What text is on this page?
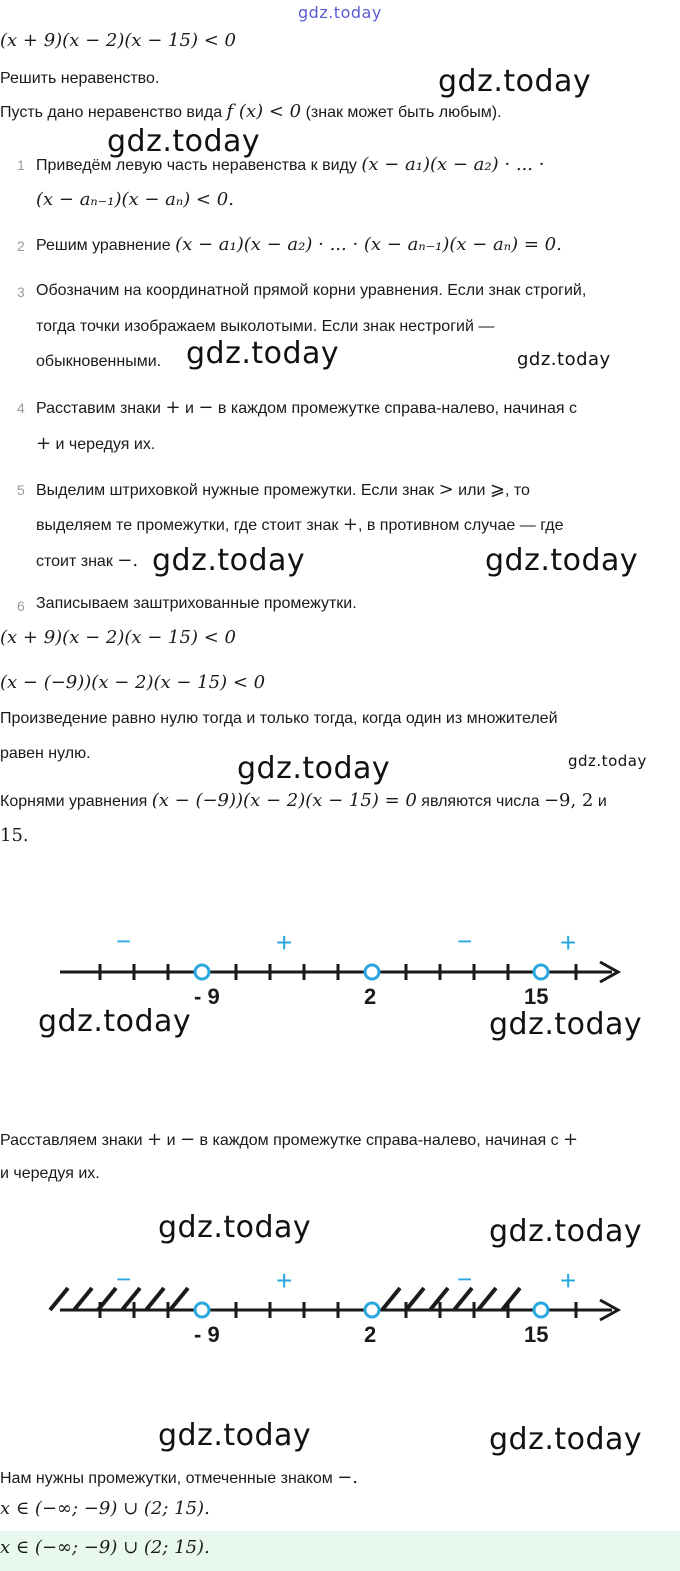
gdz.today
gdz.today
gdz.today
gdz.today	gdz.today
gdz.today	gdz.today
gdz.today	gdz.today
gdz.today	gdz.today
gdz.today	gdz.today
gdz.today	gdz.today
(x + 9)(x − 2)(x − 15) < 0
Решить неравенство.
Пусть дано неравенство вида f (x) < 0 (знак может быть любым).
1 Приведём левую часть неравенства к виду (x − a₁)(x − a₂) · ... ·
(x − aₙ₋₁)(x − aₙ) < 0.
2 Решим уравнение (x − a₁)(x − a₂) · ... · (x − aₙ₋₁)(x − aₙ) = 0.
3 Обозначим на координатной прямой корни уравнения. Если знак строгий,
тогда точки изображаем выколотыми. Если знак нестрогий —
обыкновенными.
4 Расставим знаки + и − в каждом промежутке справа-налево, начиная с
+ и чередуя их.
5 Выделим штриховкой нужные промежутки. Если знак > или ⩾, то
выделяем те промежутки, где стоит знак +, в противном случае — где
стоит знак −.
6 Записываем заштрихованные промежутки.
(x + 9)(x − 2)(x − 15) < 0
(x − (−9))(x − 2)(x − 15) < 0
Произведение равно нулю тогда и только тогда, когда один из множителей
равен нулю.
Корнями уравнения (x − (−9))(x − 2)(x − 15) = 0 являются числа −9, 2 и
15.
- 9	2	15
−	+	−	+
Расставляем знаки + и − в каждом промежутке справа-налево, начиная с +
и чередуя их.
- 9	2	15
−	+	−	+
Нам нужны промежутки, отмеченные знаком −.
x ∈ (−∞; −9) ∪ (2; 15).
x ∈ (−∞; −9) ∪ (2; 15).
